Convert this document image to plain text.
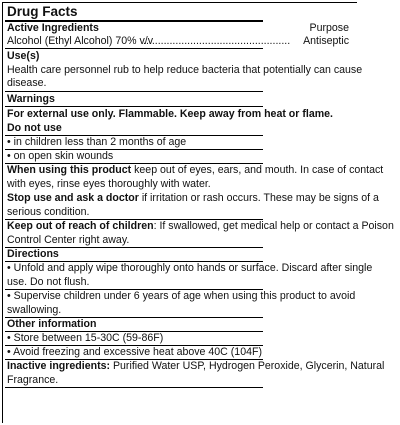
Drug Facts
Active Ingredients	Purpose
Alcohol (Ethyl Alcohol) 70% v/v
.................................................. Antiseptic
Use(s)
Health care personnel rub to help reduce bacteria that potentially can cause
disease.
Warnings
For external use only. Flammable. Keep away from heat or flame.
Do not use
• in children less than 2 months of age
• on open skin wounds
When using this product keep out of eyes, ears, and mouth. In case of contact
with eyes, rinse eyes thoroughly with water.
Stop use and ask a doctor if irritation or rash occurs. These may be signs of a
serious condition.
Keep out of reach of children: If swallowed, get medical help or contact a Poison
Control Center right away.
Directions
• Unfold and apply wipe thoroughly onto hands or surface. Discard after single
use. Do not flush.
• Supervise children under 6 years of age when using this product to avoid
swallowing.
Other information
• Store between 15-30C (59-86F)
• Avoid freezing and excessive heat above 40C (104F)
Inactive ingredients: Purified Water USP, Hydrogen Peroxide, Glycerin, Natural
Fragrance.
